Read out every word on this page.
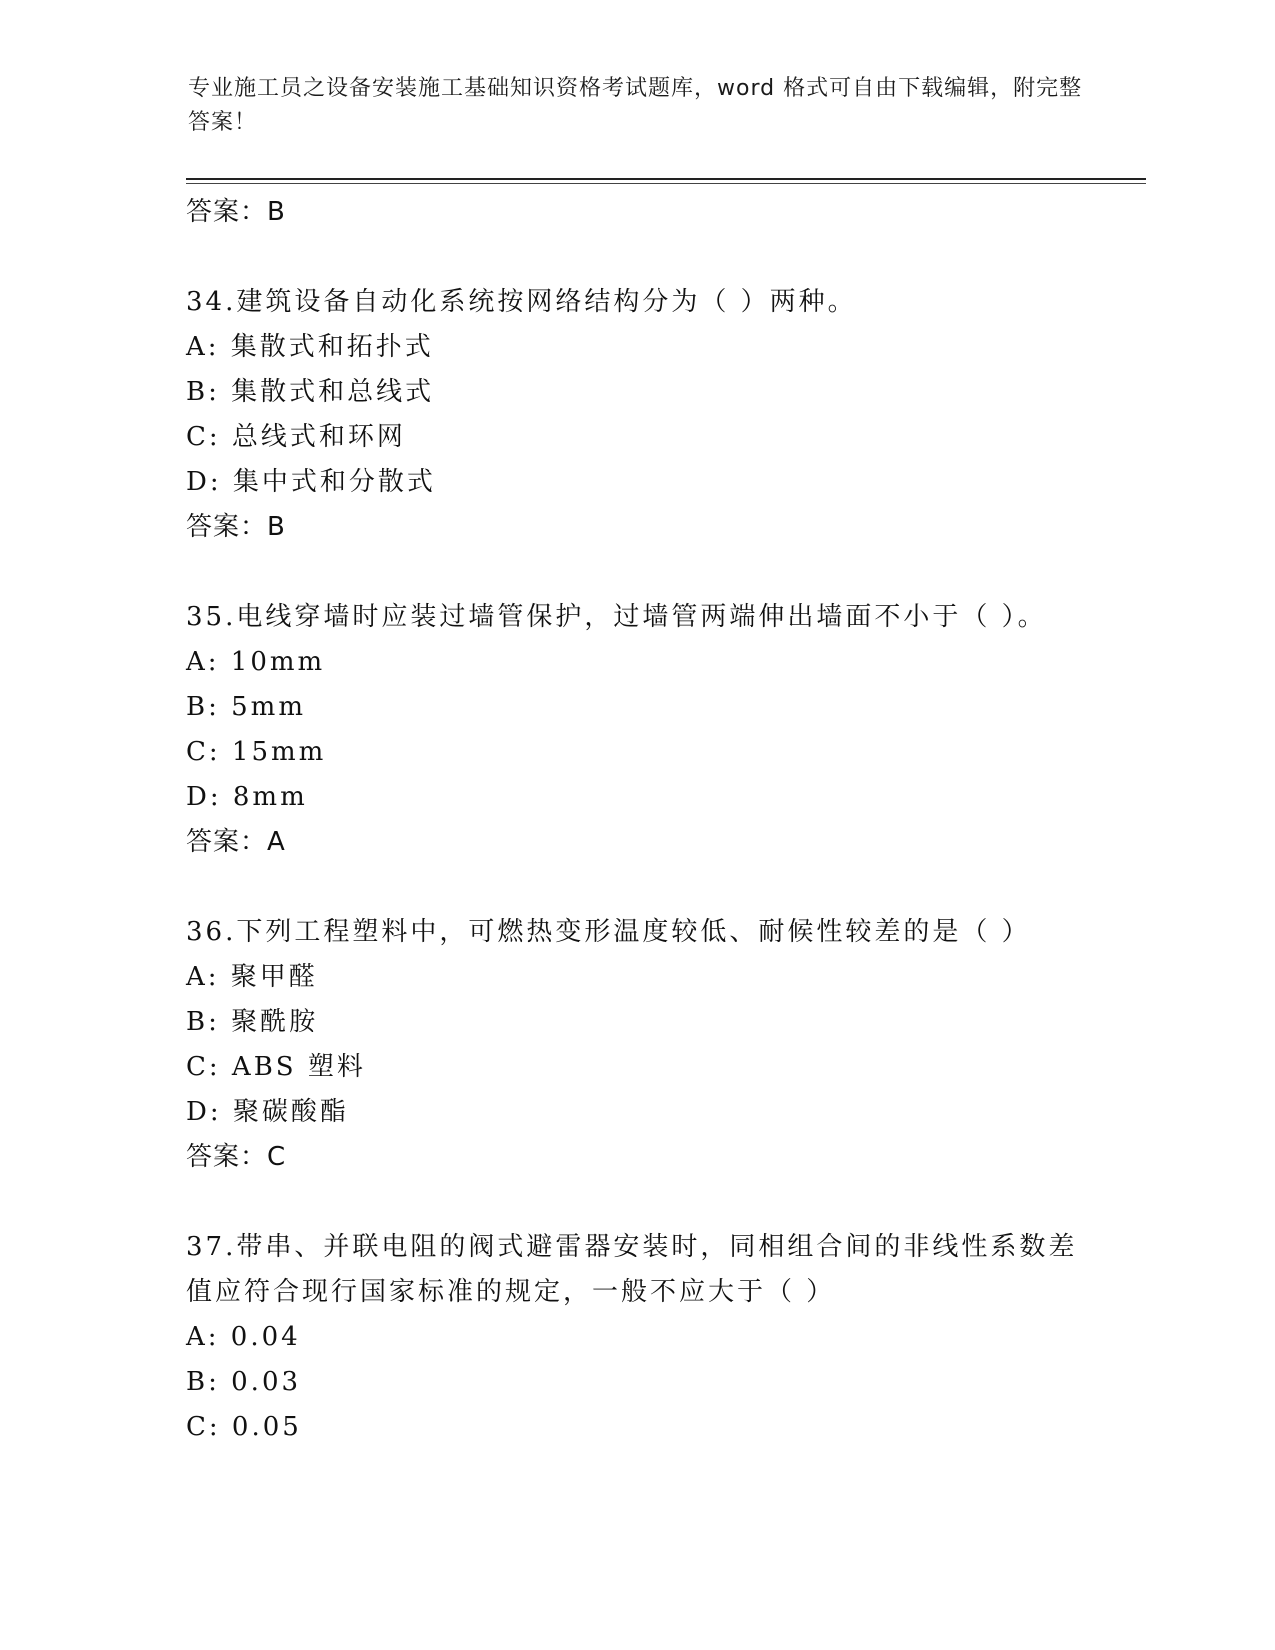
专业施工员之设备安装施工基础知识资格考试题库，word 格式可自由下载编辑，附完整答案！

答案：B

34.建筑设备自动化系统按网络结构分为（ ）两种。

A: 集散式和拓扑式

B: 集散式和总线式

C: 总线式和环网

D: 集中式和分散式

答案：B

35.电线穿墙时应装过墙管保护，过墙管两端伸出墙面不小于（ ）。

A: 10mm

B: 5mm

C: 15mm

D: 8mm

答案：A

36.下列工程塑料中，可燃热变形温度较低、耐候性较差的是（ ）

A: 聚甲醛

B: 聚酰胺

C: ABS 塑料

D: 聚碳酸酯

答案：C

37.带串、并联电阻的阀式避雷器安装时，同相组合间的非线性系数差值应符合现行国家标准的规定，一般不应大于（ ）

A: 0.04

B: 0.03

C: 0.05
